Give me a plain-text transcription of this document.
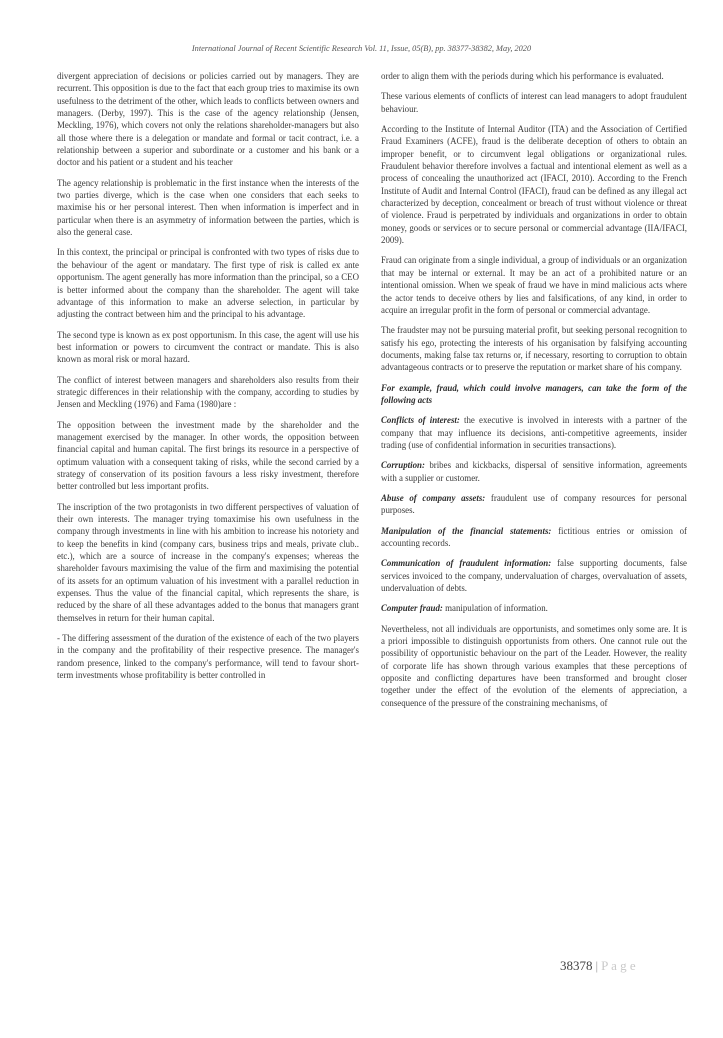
International Journal of Recent Scientific Research Vol. 11, Issue, 05(B), pp. 38377-38382, May, 2020

divergent appreciation of decisions or policies carried out by managers. They are recurrent. This opposition is due to the fact that each group tries to maximise its own usefulness to the detriment of the other, which leads to conflicts between owners and managers. (Derby, 1997). This is the case of the agency relationship (Jensen, Meckling, 1976), which covers not only the relations shareholder-managers but also all those where there is a delegation or mandate and formal or tacit contract, i.e. a relationship between a superior and subordinate or a customer and his bank or a doctor and his patient or a student and his teacher

The agency relationship is problematic in the first instance when the interests of the two parties diverge, which is the case when one considers that each seeks to maximise his or her personal interest. Then when information is imperfect and in particular when there is an asymmetry of information between the parties, which is also the general case.

In this context, the principal or principal is confronted with two types of risks due to the behaviour of the agent or mandatary. The first type of risk is called ex ante opportunism. The agent generally has more information than the principal, so a CEO is better informed about the company than the shareholder. The agent will take advantage of this information to make an adverse selection, in particular by adjusting the contract between him and the principal to his advantage.

The second type is known as ex post opportunism. In this case, the agent will use his best information or powers to circumvent the contract or mandate. This is also known as moral risk or moral hazard.

The conflict of interest between managers and shareholders also results from their strategic differences in their relationship with the company, according to studies by Jensen and Meckling (1976) and Fama (1980)are :

The opposition between the investment made by the shareholder and the management exercised by the manager. In other words, the opposition between financial capital and human capital. The first brings its resource in a perspective of optimum valuation with a consequent taking of risks, while the second carried by a strategy of conservation of its position favours a less risky investment, therefore better controlled but less important profits.

The inscription of the two protagonists in two different perspectives of valuation of their own interests. The manager trying tomaximise his own usefulness in the company through investments in line with his ambition to increase his notoriety and to keep the benefits in kind (company cars, business trips and meals, private club.. etc.), which are a source of increase in the company's expenses; whereas the shareholder favours maximising the value of the firm and maximising the potential of its assets for an optimum valuation of his investment with a parallel reduction in expenses. Thus the value of the financial capital, which represents the share, is reduced by the share of all these advantages added to the bonus that managers grant themselves in return for their human capital.

- The differing assessment of the duration of the existence of each of the two players in the company and the profitability of their respective presence. The manager's random presence, linked to the company's performance, will tend to favour short-term investments whose profitability is better controlled in

order to align them with the periods during which his performance is evaluated.

These various elements of conflicts of interest can lead managers to adopt fraudulent behaviour.

According to the Institute of Internal Auditor (ITA) and the Association of Certified Fraud Examiners (ACFE), fraud is the deliberate deception of others to obtain an improper benefit, or to circumvent legal obligations or organizational rules. Fraudulent behavior therefore involves a factual and intentional element as well as a process of concealing the unauthorized act (IFACI, 2010). According to the French Institute of Audit and Internal Control (IFACI), fraud can be defined as any illegal act characterized by deception, concealment or breach of trust without violence or threat of violence. Fraud is perpetrated by individuals and organizations in order to obtain money, goods or services or to secure personal or commercial advantage (IIA/IFACI, 2009).

Fraud can originate from a single individual, a group of individuals or an organization that may be internal or external. It may be an act of a prohibited nature or an intentional omission. When we speak of fraud we have in mind malicious acts where the actor tends to deceive others by lies and falsifications, of any kind, in order to acquire an irregular profit in the form of personal or commercial advantage.

The fraudster may not be pursuing material profit, but seeking personal recognition to satisfy his ego, protecting the interests of his organisation by falsifying accounting documents, making false tax returns or, if necessary, resorting to corruption to obtain advantageous contracts or to preserve the reputation or market share of his company.

For example, fraud, which could involve managers, can take the form of the following acts

Conflicts of interest: the executive is involved in interests with a partner of the company that may influence its decisions, anti-competitive agreements, insider trading (use of confidential information in securities transactions).

Corruption: bribes and kickbacks, dispersal of sensitive information, agreements with a supplier or customer.

Abuse of company assets: fraudulent use of company resources for personal purposes.

Manipulation of the financial statements: fictitious entries or omission of accounting records.

Communication of fraudulent information: false supporting documents, false services invoiced to the company, undervaluation of charges, overvaluation of assets, undervaluation of debts.

Computer fraud: manipulation of information.

Nevertheless, not all individuals are opportunists, and sometimes only some are. It is a priori impossible to distinguish opportunists from others. One cannot rule out the possibility of opportunistic behaviour on the part of the Leader. However, the reality of corporate life has shown through various examples that these perceptions of opposite and conflicting departures have been transformed and brought closer together under the effect of the evolution of the elements of appreciation, a consequence of the pressure of the constraining mechanisms, of

38378 | P a g e
